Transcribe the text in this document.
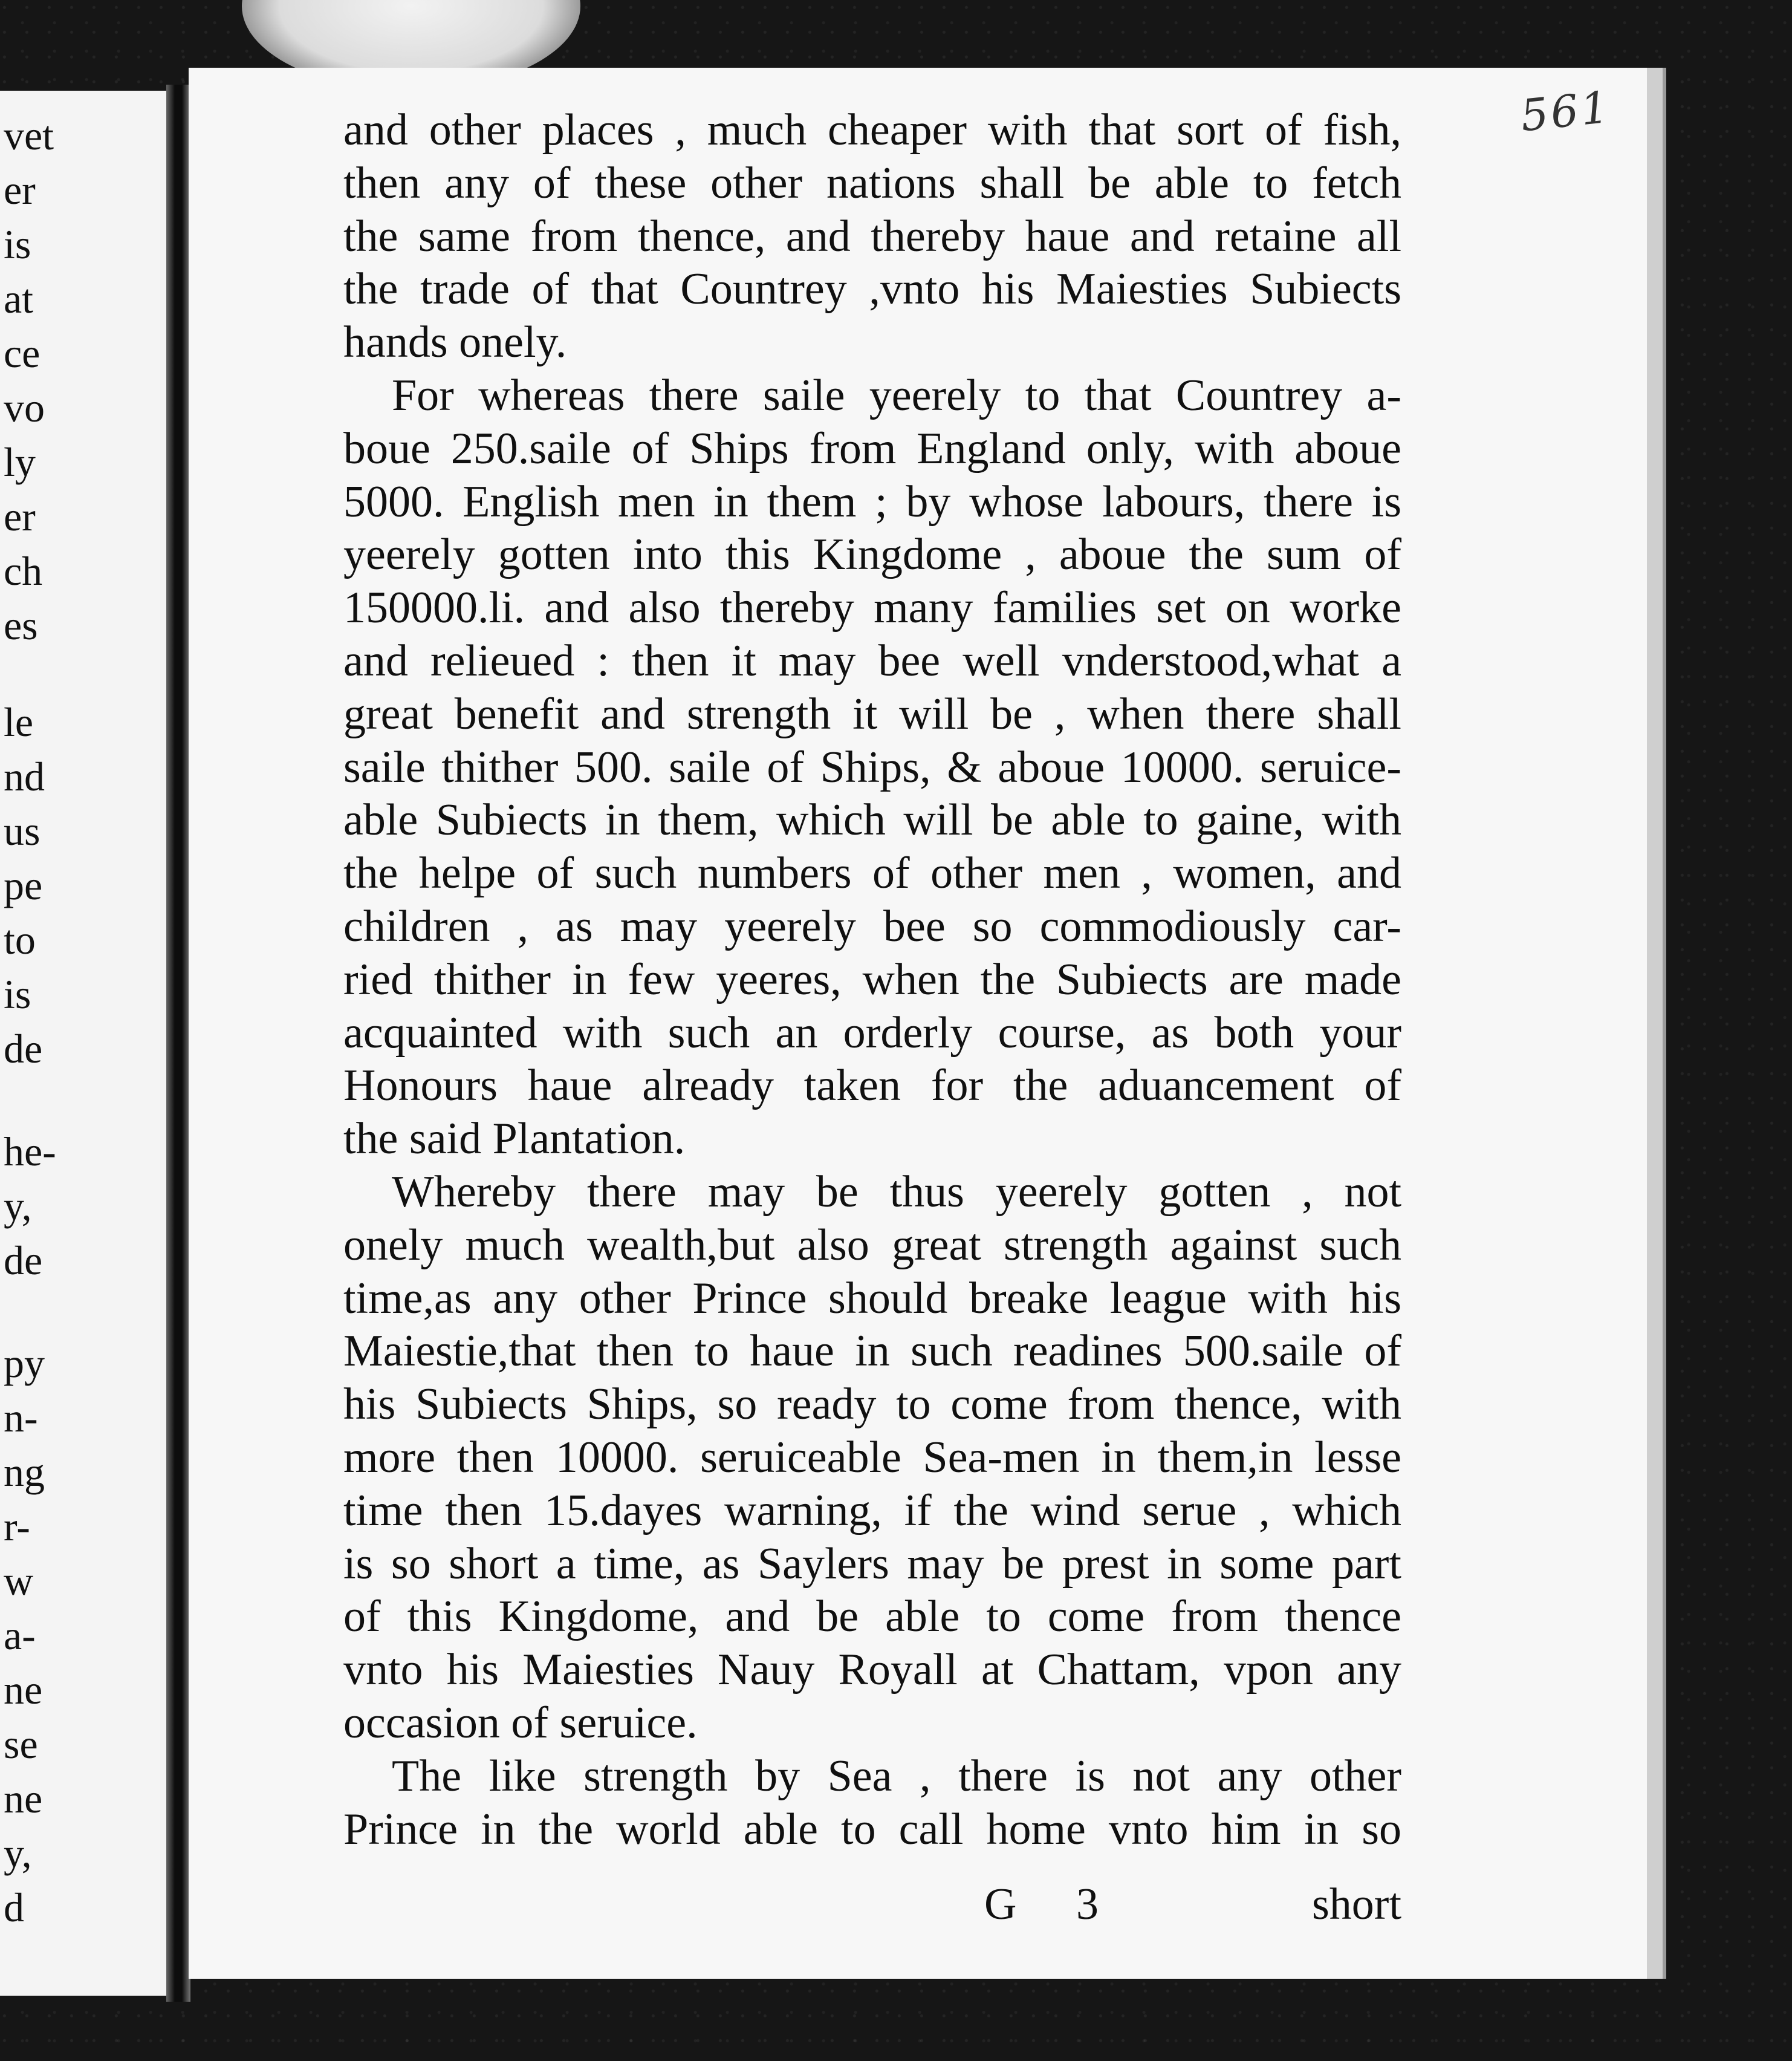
vet
er
is
at
ce
vo
ly
er
ch
es
le
nd
us
pe
to
is
de
he-
y,
de
py
n-
ng
r-
w
a-
ne
se
ne
y,
d
561
and other places , much cheaper with that sort of fish,
then any of these other nations shall be able to fetch
the same from thence, and thereby haue and retaine all
the trade of that Countrey ,vnto his Maiesties Subiects
hands onely.
For whereas there saile yeerely to that Countrey a-
boue 250.saile of Ships from England only, with aboue
5000. English men in them ; by whose labours, there is
yeerely gotten into this Kingdome , aboue the sum of
150000.li. and also thereby many families set on worke
and relieued : then it may bee well vnderstood,what a
great benefit and strength it will be , when there shall
saile thither 500. saile of Ships, & aboue 10000. seruice-
able Subiects in them, which will be able to gaine, with
the helpe of such numbers of other men , women, and
children , as may yeerely bee so commodiously car-
ried thither in few yeeres, when the Subiects are made
acquainted with such an orderly course, as both your
Honours haue already taken for the aduancement of
the said Plantation.
Whereby there may be thus yeerely gotten , not
onely much wealth,but also great strength against such
time,as any other Prince should breake league with his
Maiestie,that then to haue in such readines 500.saile of
his Subiects Ships, so ready to come from thence, with
more then 10000. seruiceable Sea-men in them,in lesse
time then 15.dayes warning, if the wind serue , which
is so short a time, as Saylers may be prest in some part
of this Kingdome, and be able to come from thence
vnto his Maiesties Nauy Royall at Chattam, vpon any
occasion of seruice.
The like strength by Sea , there is not any other
Prince in the world able to call home vnto him in so
G 3	short
